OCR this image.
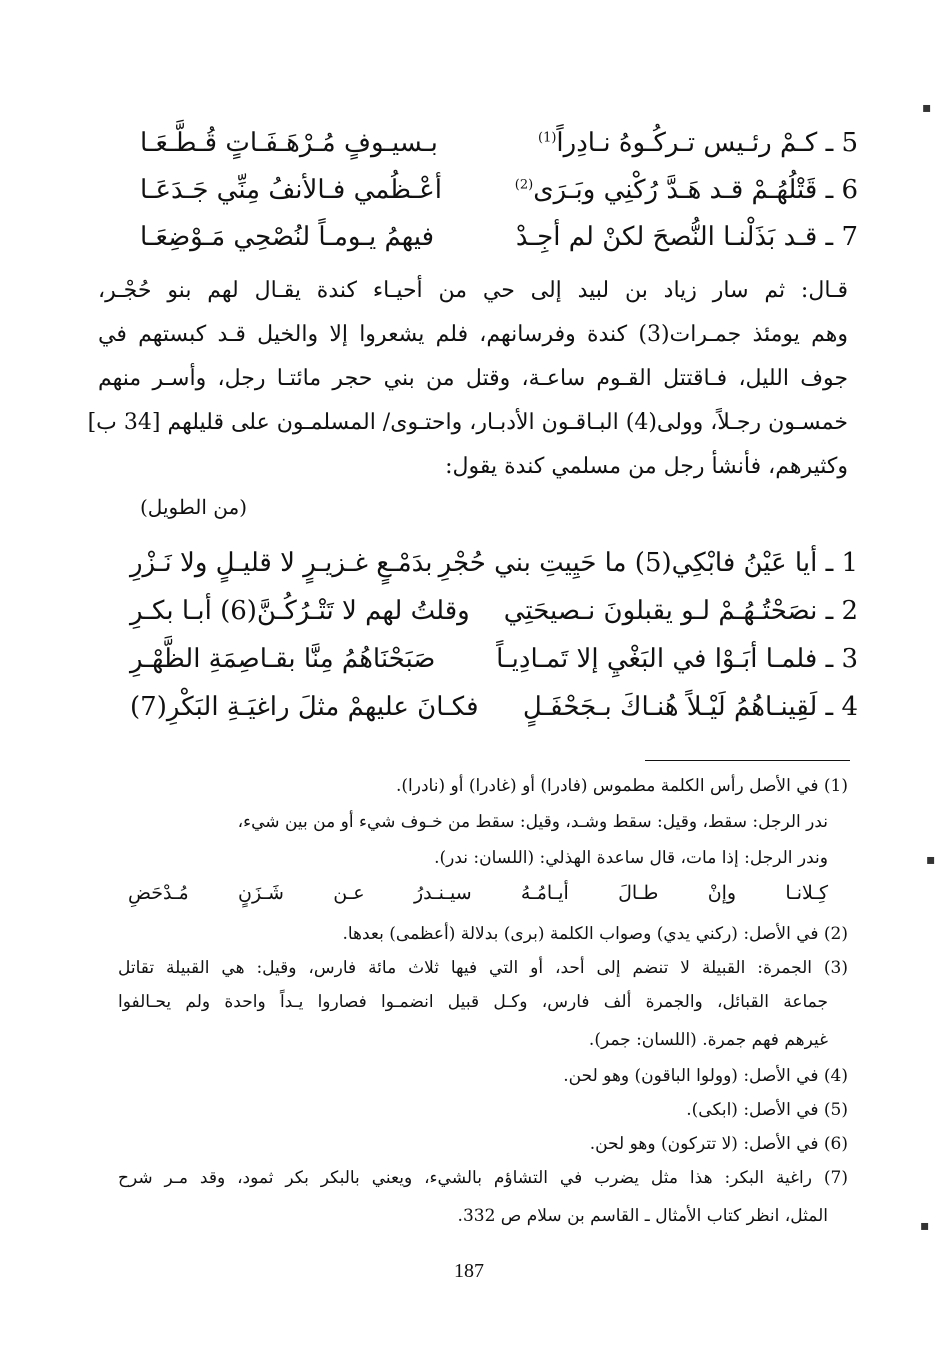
5 ـ كـمْ رئـيس تـركُـوهُ نـادِراً$^{(1)}$
بـسيـوفٍ مُـرْهَـفَـاتٍ قُـطَّـعَـا
6 ـ قَتْلُهُـمْ قـد هَـدَّ رُكْنِي وبَـرَى$^{(2)}$
أعْـظُمي فـالأنفُ مِنِّي جَـدَعَـا
7 ـ قـد بَذَلْنـا النُّصحَ لكنْ لم أجِـدْ
فيهمُ يـومـاً لنُصْحِي مَـوْضِعَـا
قـال: ثم سار زياد بن لبيد إلى حي من أحيـاء كندة يقـال لهم بنو حُجْـر،
وهم يومئذ جمـرات(3) كندة وفرسانهم، فلم يشعروا إلا والخيل قـد كبستهم في
جوف الليل، فـاقتتل القـوم ساعـة، وقتل من بني حجر مائتـا رجل، وأسـر منهم
خمسـون رجـلاً، وولى(4) البـاقـون الأدبـار، واحتـوى/ المسلمـون على قليلهم [34 ب]
وكثيرهم، فأنشأ رجل من مسلمي كندة يقول:
(من الطويل)
1 ـ أيا عَيْنُ فابْكِي(5) ما حَيِيتِ بني حُجْرِ
بدَمْـعٍ غـزيـرٍ لا قليـلٍ ولا نَـزْرِ
2 ـ نصَحْتُـهُـمْ لـو يقبلونَ نـصيحَتِي
وقلتُ لهم لا تَتْـرُكُـنَّ(6) أبـا بكـرِ
3 ـ فلمـا أبَـوْا في البَغْيِ إلا تَمـادِيـاً
صَبَحْنَاهُمُ مِنَّا بقـاصِمَةِ الظَّهْـرِ
4 ـ لَقِينـاهُمُ لَيْـلاً هُنـاكَ بـجَحْفَـلٍ
فكـانَ عليهمْ مثلَ راغيَـةِ البَكْرِ(7)
(1) في الأصل رأس الكلمة مطموس (فادرا) أو (غادرا) أو (نادرا).
ندر الرجل: سقط، وقيل: سقط وشـد، وقيل: سقط من خـوف شيء أو من بين شيء،
وندر الرجل: إذا مات، قال ساعدة الهذلي: (اللسان: ندر).
كِـلانـا وإنْ طـالَ أيـامُـهُ سيـنـدرُ عـن شَـزَنٍ مُـدْحَضِ
(2) في الأصل: (ركني يدي) وصواب الكلمة (برى) بدلالة (أعظمى) بعدها.
(3) الجمرة: القبيلة لا تنضم إلى أحد، أو التي فيها ثلاث مائة فارس، وقيل: هي القبيلة تقاتل
جماعة القبائل، والجمرة ألف فارس، وكـل قبيل انضمـوا فصاروا يـداً واحدة ولم يحـالفوا
غيرهم فهم جمرة. (اللسان: جمر).
(4) في الأصل: (وولوا الباقون) وهو لحن.
(5) في الأصل: (ابكى).
(6) في الأصل: (لا تتركون) وهو لحن.
(7) راغية البكر: هذا مثل يضرب في التشاؤم بالشيء، ويعني بالبكر بكر ثمود، وقد مـر شرح
المثل، انظر كتاب الأمثال ـ القاسم بن سلام ص 332.
187
▪
▪
▪
